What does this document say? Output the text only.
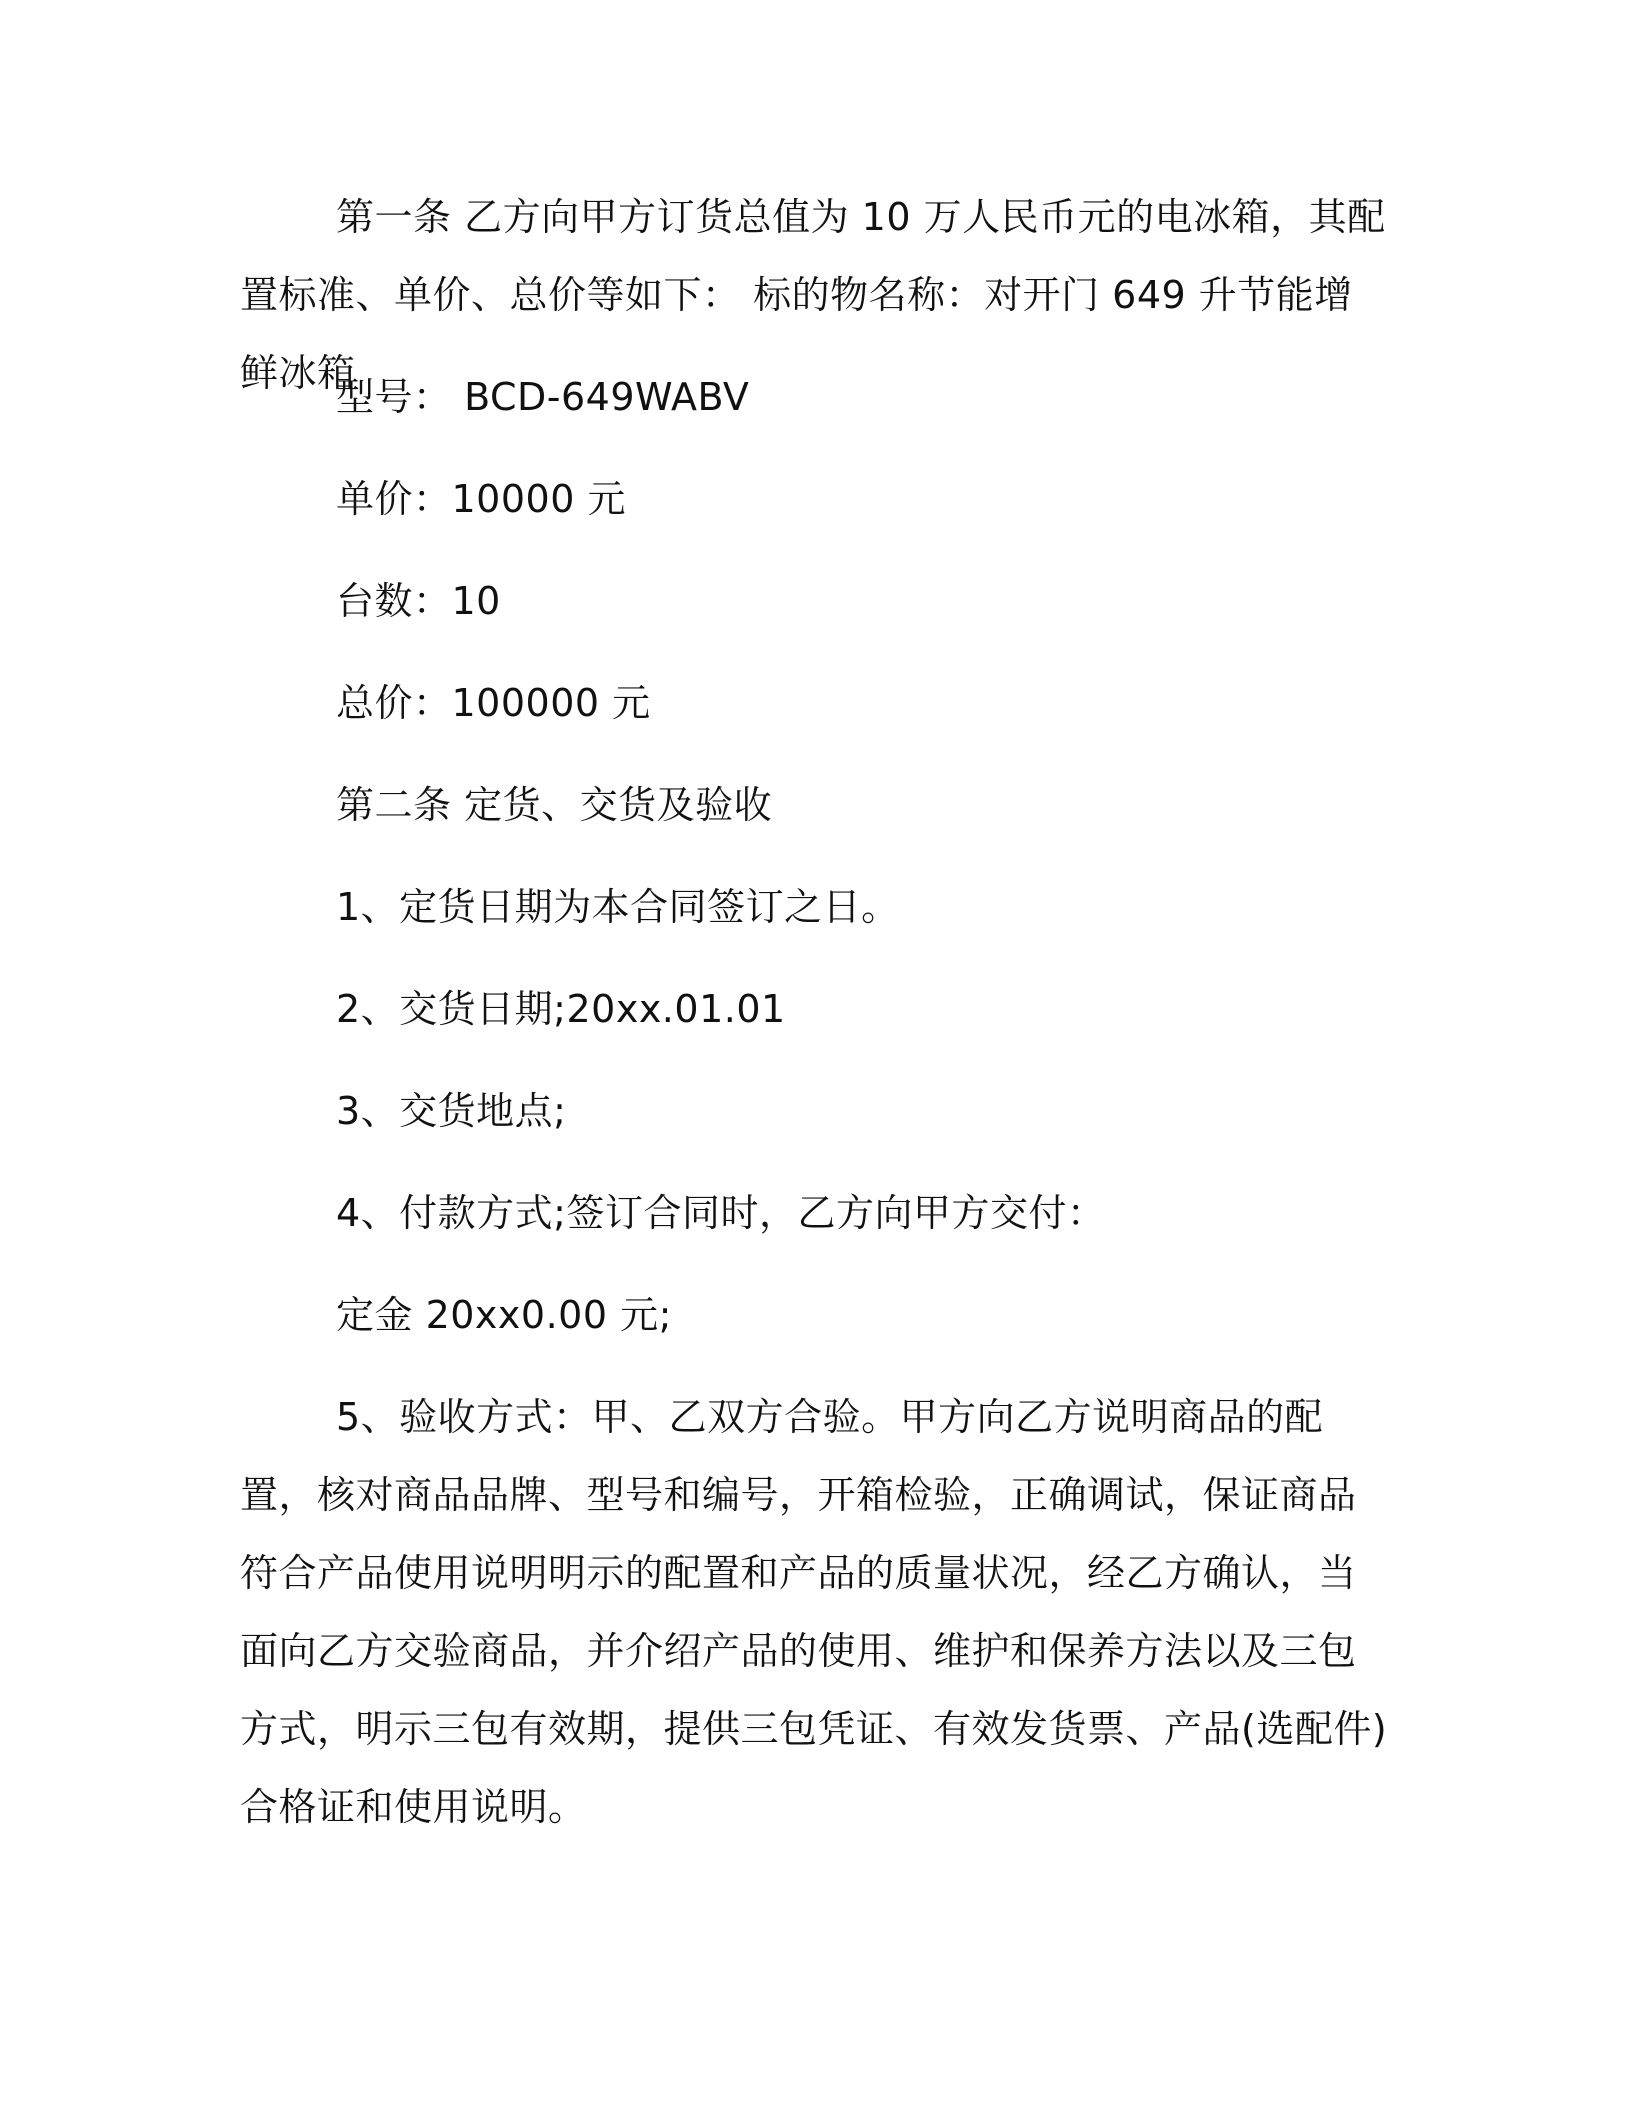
第一条 乙方向甲方订货总值为 10 万人民币元的电冰箱，其配置标准、单价、总价等如下： 标的物名称：对开门 649 升节能增鲜冰箱
型号： BCD-649WABV
单价：10000 元
台数：10
总价：100000 元
第二条 定货、交货及验收
1、定货日期为本合同签订之日。
2、交货日期;20xx.01.01
3、交货地点;
4、付款方式;签订合同时，乙方向甲方交付：
定金 20xx0.00 元;
5、验收方式：甲、乙双方合验。甲方向乙方说明商品的配置，核对商品品牌、型号和编号，开箱检验，正确调试，保证商品符合产品使用说明明示的配置和产品的质量状况，经乙方确认，当面向乙方交验商品，并介绍产品的使用、维护和保养方法以及三包方式，明示三包有效期，提供三包凭证、有效发货票、产品(选配件)合格证和使用说明。
